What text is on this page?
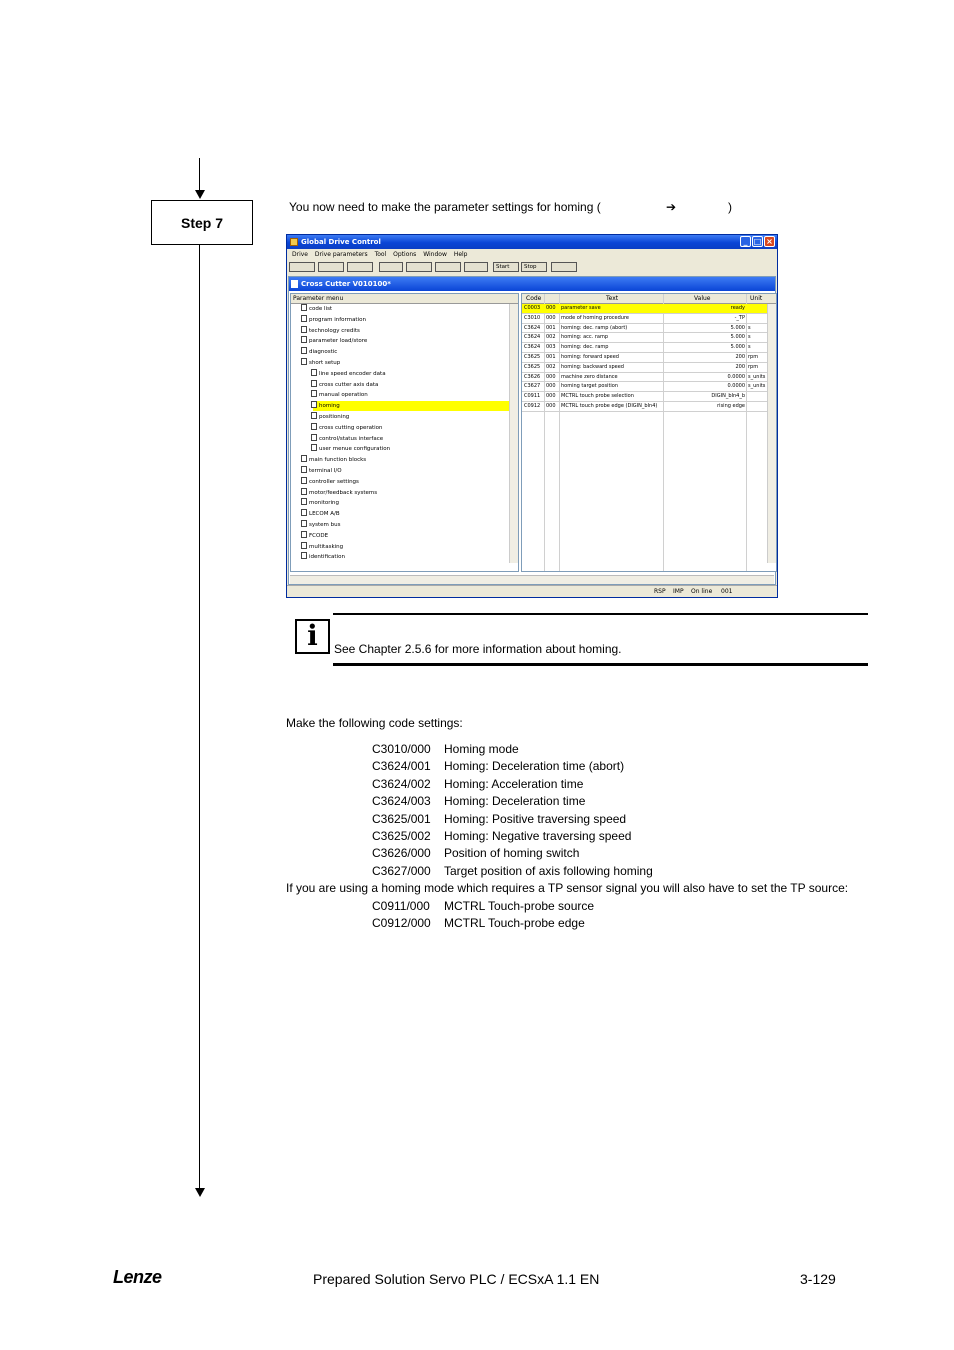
Step 7
You now need to make the parameter settings for homing (	➔	)
Global Drive Control	_ □ ×
Drive Drive parameters Tool Options Window Help
Start	Stop
Cross Cutter V010100*
Parameter menu
code list
program information
technology credits
parameter load/store
diagnostic
short setup
line speed encoder data
cross cutter axis data
manual operation
homing
positioning
cross cutting operation
control/status interface
user menue configuration
main function blocks
terminal I/O
controller settings
motor/feedback systems
monitoring
LECOM A/B
system bus
FCODE
multitasking
identification
Code	Text	Value	Unit
C0003	000	parameter save	ready
C3010	000	mode of homing procedure	-_TP
C3624	001	homing: dec. ramp (abort)	5.000 s
C3624	002	homing: acc. ramp	5.000 s
C3624	003	homing: dec. ramp	5.000 s
C3625	001	homing: forward speed	200 rpm
C3625	002	homing: backward speed	200 rpm
C3626	000	machine zero distance	0.0000 s_units
C3627	000	homing target position	0.0000 s_units
C0911	000	MCTRL touch probe selection	DIGIN_bIn4_b
C0912	000	MCTRL touch probe edge (DIGIN_bIn4)	rising edge
RSP IMP On line 001
i	See Chapter 2.5.6 for more information about homing.
Make the following code settings:
C3010/000 Homing mode
C3624/001 Homing: Deceleration time (abort)
C3624/002 Homing: Acceleration time
C3624/003 Homing: Deceleration time
C3625/001 Homing: Positive traversing speed
C3625/002 Homing: Negative traversing speed
C3626/000 Position of homing switch
C3627/000 Target position of axis following homing
If you are using a homing mode which requires a TP sensor signal you will also have to set the TP source:
C0911/000 MCTRL Touch-probe source
C0912/000 MCTRL Touch-probe edge
Lenze	Prepared Solution Servo PLC / ECSxA 1.1 EN	3-129
